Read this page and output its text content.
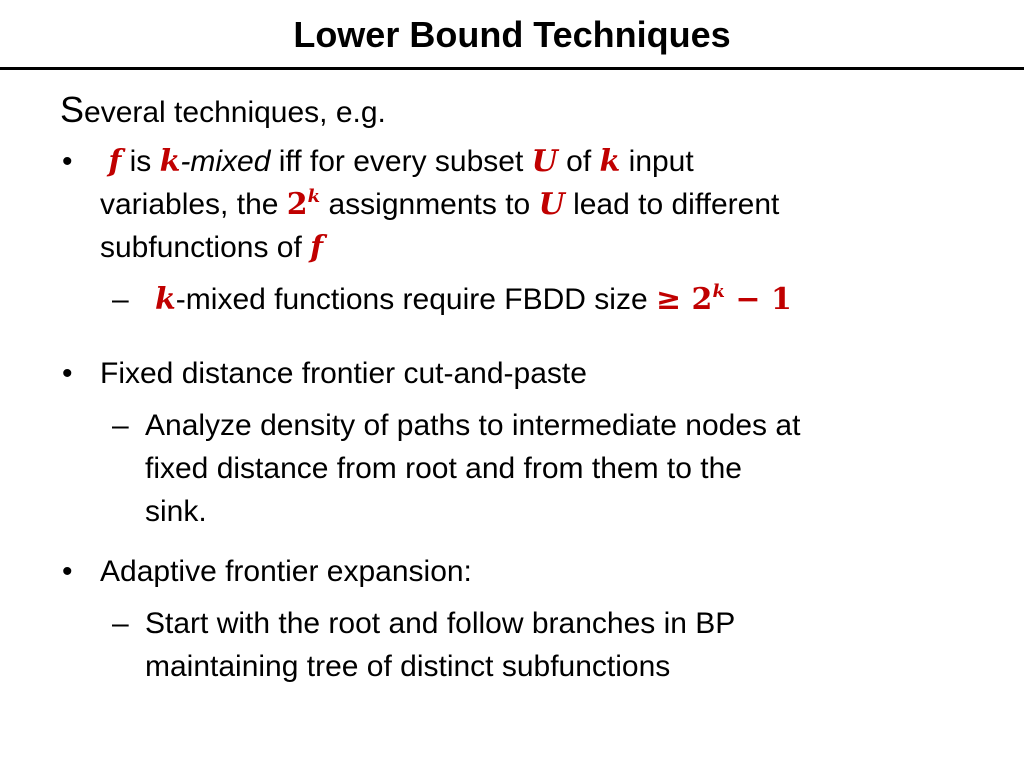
Lower Bound Techniques
Several techniques, e.g.
• f is k-mixed iff for every subset U of k input
variables, the 2$^k$ assignments to U lead to different
subfunctions of f
– k-mixed functions require FBDD size ≥ $2^k - 1$
• Fixed distance frontier cut-and-paste
– Analyze density of paths to intermediate nodes at
fixed distance from root and from them to the
sink.
• Adaptive frontier expansion:
– Start with the root and follow branches in BP
maintaining tree of distinct subfunctions
